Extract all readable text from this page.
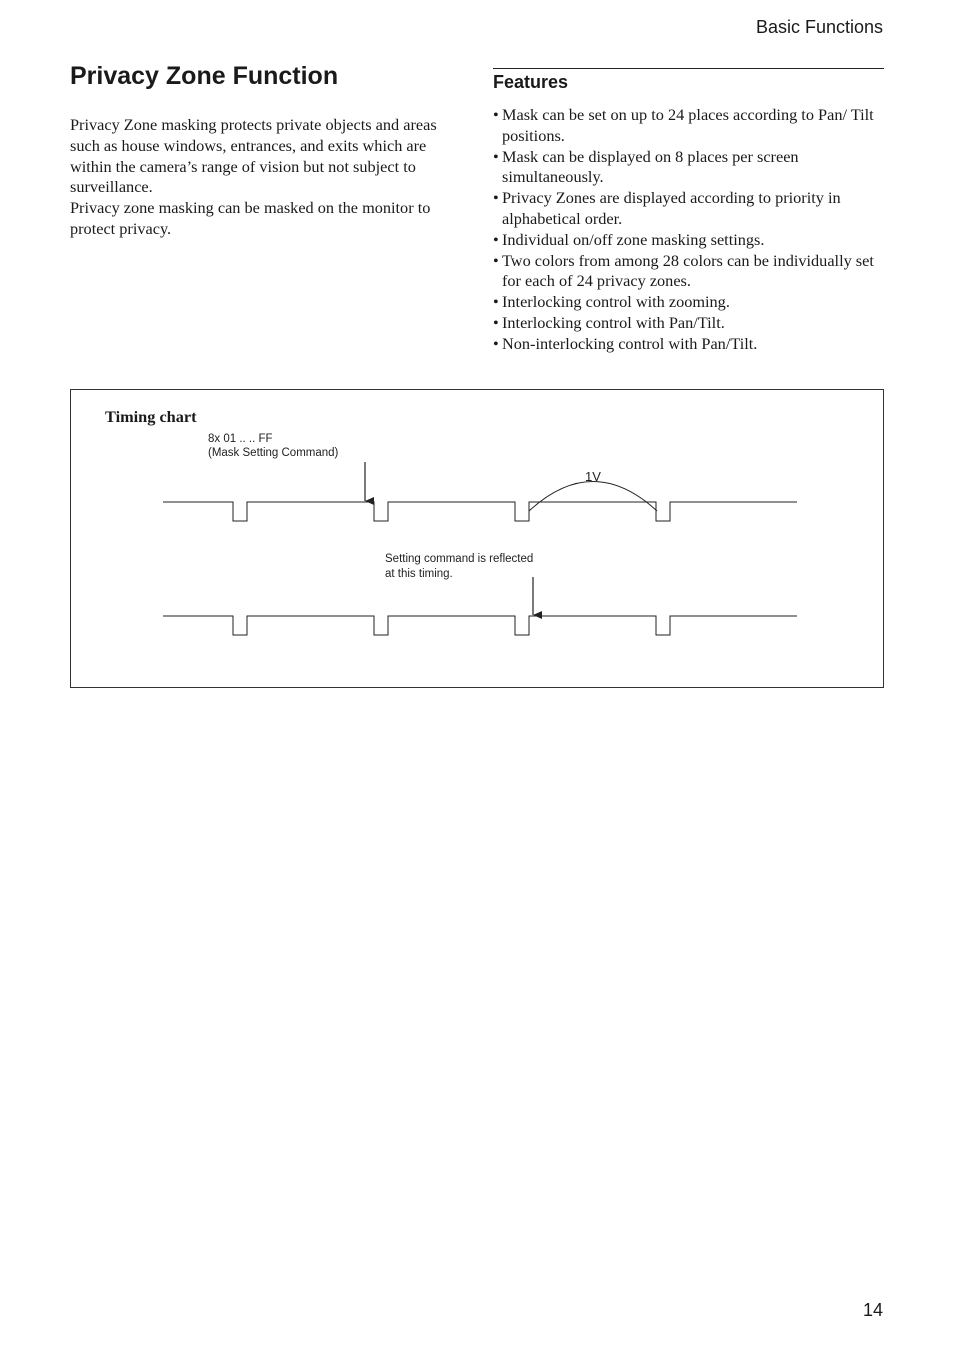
Basic Functions
Privacy Zone Function

Privacy Zone masking protects private objects and areas such as house windows, entrances, and exits which are within the camera’s range of vision but not subject to surveillance.

Privacy zone masking can be masked on the monitor to protect privacy.

Features
• Mask can be set on up to 24 places according to Pan/ Tilt positions.
• Mask can be displayed on 8 places per screen simultaneously.
• Privacy Zones are displayed according to priority in alphabetical order.
• Individual on/off zone masking settings.
• Two colors from among 28 colors can be individually set for each of 24 privacy zones.
• Interlocking control with zooming.
• Interlocking control with Pan/Tilt.
• Non-interlocking control with Pan/Tilt.
Timing chart
8x 01 .. .. FF
(Mask Setting Command)
1V
Setting command is reflected
at this timing.
14
